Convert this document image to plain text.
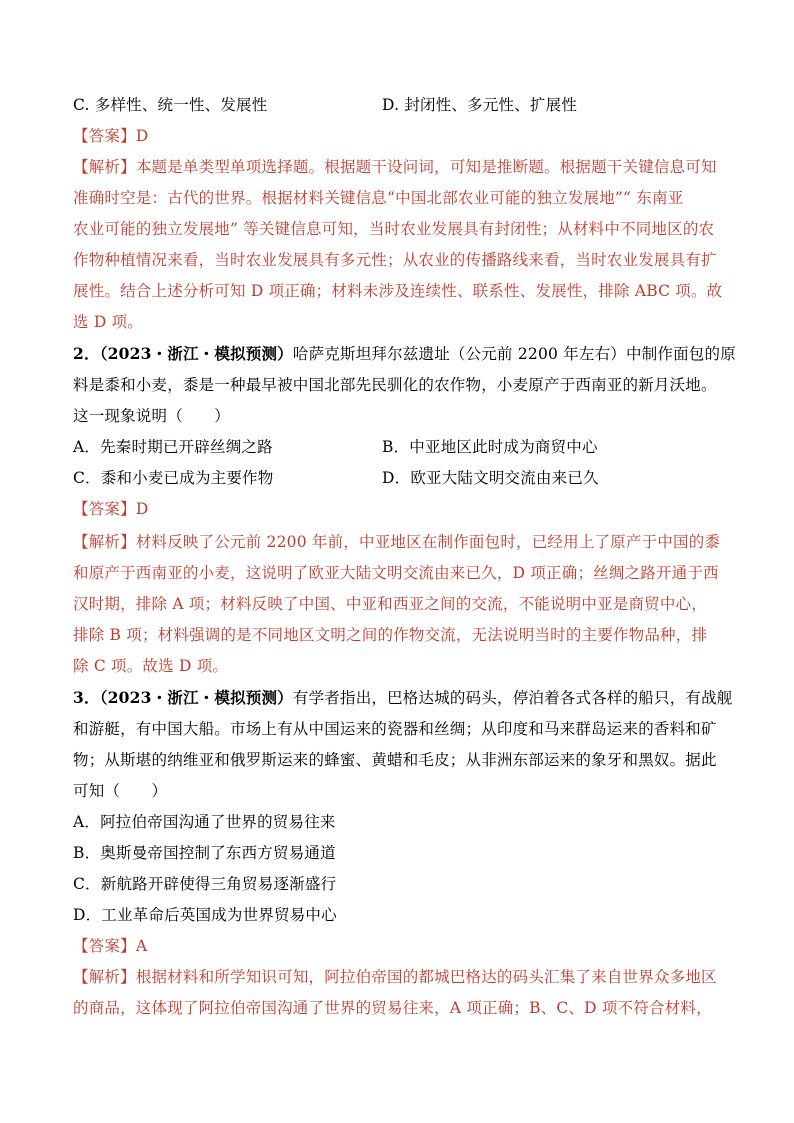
C. 多样性、统一性、发展性	D. 封闭性、多元性、扩展性
【答案】D
【解析】本题是单类型单项选择题。根据题干设问词，可知是推断题。根据题干关键信息可知
准确时空是：古代的世界。根据材料关键信息“中国北部农业可能的独立发展地”“ 东南亚
农业可能的独立发展地” 等关键信息可知，当时农业发展具有封闭性；从材料中不同地区的农
作物种植情况来看，当时农业发展具有多元性；从农业的传播路线来看，当时农业发展具有扩
展性。结合上述分析可知 D 项正确；材料未涉及连续性、联系性、发展性，排除 ABC 项。故
选 D 项。
2．（2023・浙江・模拟预测）哈萨克斯坦拜尔兹遗址（公元前 2200 年左右）中制作面包的原
料是黍和小麦，黍是一种最早被中国北部先民驯化的农作物，小麦原产于西南亚的新月沃地。
这一现象说明（　　）
A．先秦时期已开辟丝绸之路	B．中亚地区此时成为商贸中心
C．黍和小麦已成为主要作物	D．欧亚大陆文明交流由来已久
【答案】D
【解析】材料反映了公元前 2200 年前，中亚地区在制作面包时，已经用上了原产于中国的黍
和原产于西南亚的小麦，这说明了欧亚大陆文明交流由来已久，D 项正确；丝绸之路开通于西
汉时期，排除 A 项；材料反映了中国、中亚和西亚之间的交流，不能说明中亚是商贸中心，
排除 B 项；材料强调的是不同地区文明之间的作物交流，无法说明当时的主要作物品种，排
除 C 项。故选 D 项。
3．（2023・浙江・模拟预测）有学者指出，巴格达城的码头，停泊着各式各样的船只，有战舰
和游艇，有中国大船。市场上有从中国运来的瓷器和丝绸；从印度和马来群岛运来的香料和矿
物；从斯堪的纳维亚和俄罗斯运来的蜂蜜、黄蜡和毛皮；从非洲东部运来的象牙和黑奴。据此
可知（　　）
A．阿拉伯帝国沟通了世界的贸易往来
B．奥斯曼帝国控制了东西方贸易通道
C．新航路开辟使得三角贸易逐渐盛行
D．工业革命后英国成为世界贸易中心
【答案】A
【解析】根据材料和所学知识可知，阿拉伯帝国的都城巴格达的码头汇集了来自世界众多地区
的商品，这体现了阿拉伯帝国沟通了世界的贸易往来，A 项正确；B、C、D 项不符合材料，
